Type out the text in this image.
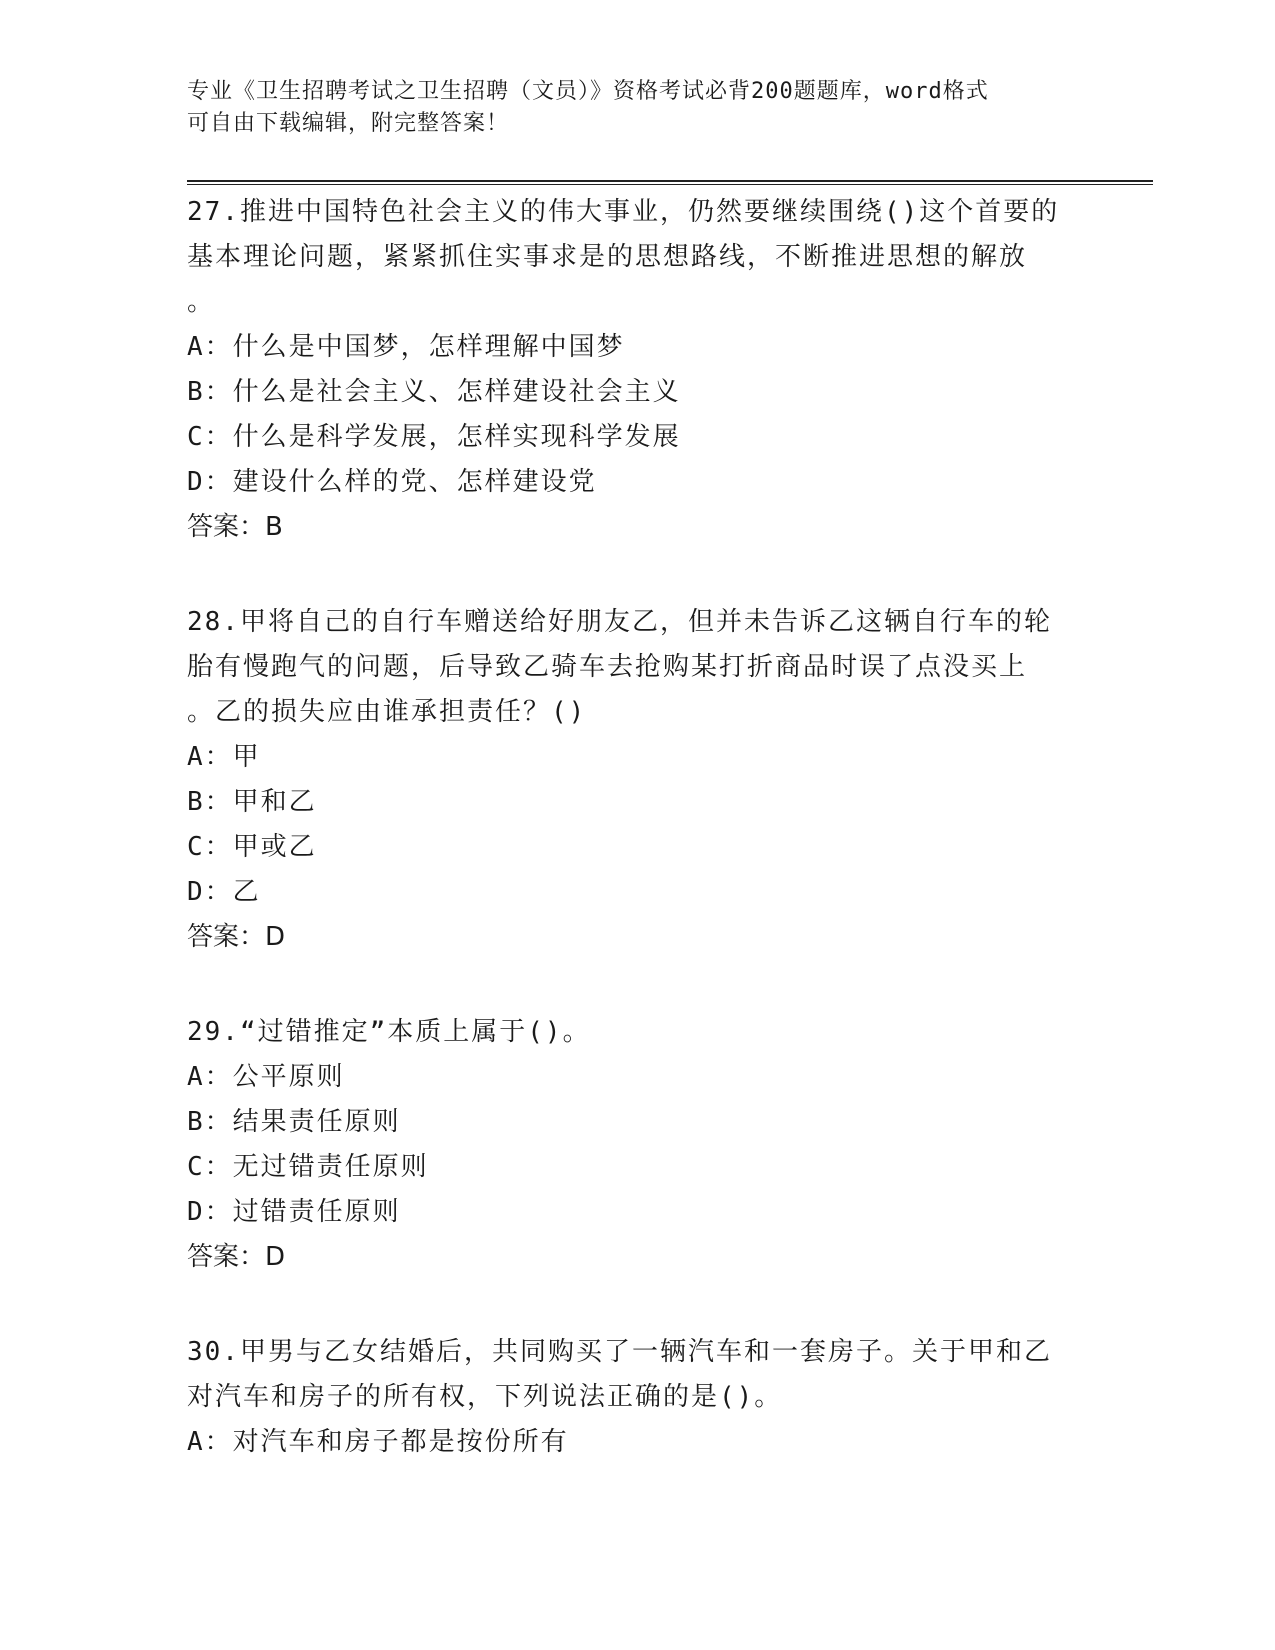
专业《卫生招聘考试之卫生招聘（文员）》资格考试必背200题题库，word格式
可自由下载编辑，附完整答案！

27.推进中国特色社会主义的伟大事业，仍然要继续围绕()这个首要的

基本理论问题，紧紧抓住实事求是的思想路线，不断推进思想的解放

。

A：什么是中国梦，怎样理解中国梦

B：什么是社会主义、怎样建设社会主义

C：什么是科学发展，怎样实现科学发展

D：建设什么样的党、怎样建设党

答案：B

28.甲将自己的自行车赠送给好朋友乙，但并未告诉乙这辆自行车的轮

胎有慢跑气的问题，后导致乙骑车去抢购某打折商品时误了点没买上

。乙的损失应由谁承担责任？()

A：甲

B：甲和乙

C：甲或乙

D：乙

答案：D

29.“过错推定”本质上属于()。

A：公平原则

B：结果责任原则

C：无过错责任原则

D：过错责任原则

答案：D

30.甲男与乙女结婚后，共同购买了一辆汽车和一套房子。关于甲和乙

对汽车和房子的所有权，下列说法正确的是()。

A：对汽车和房子都是按份所有
